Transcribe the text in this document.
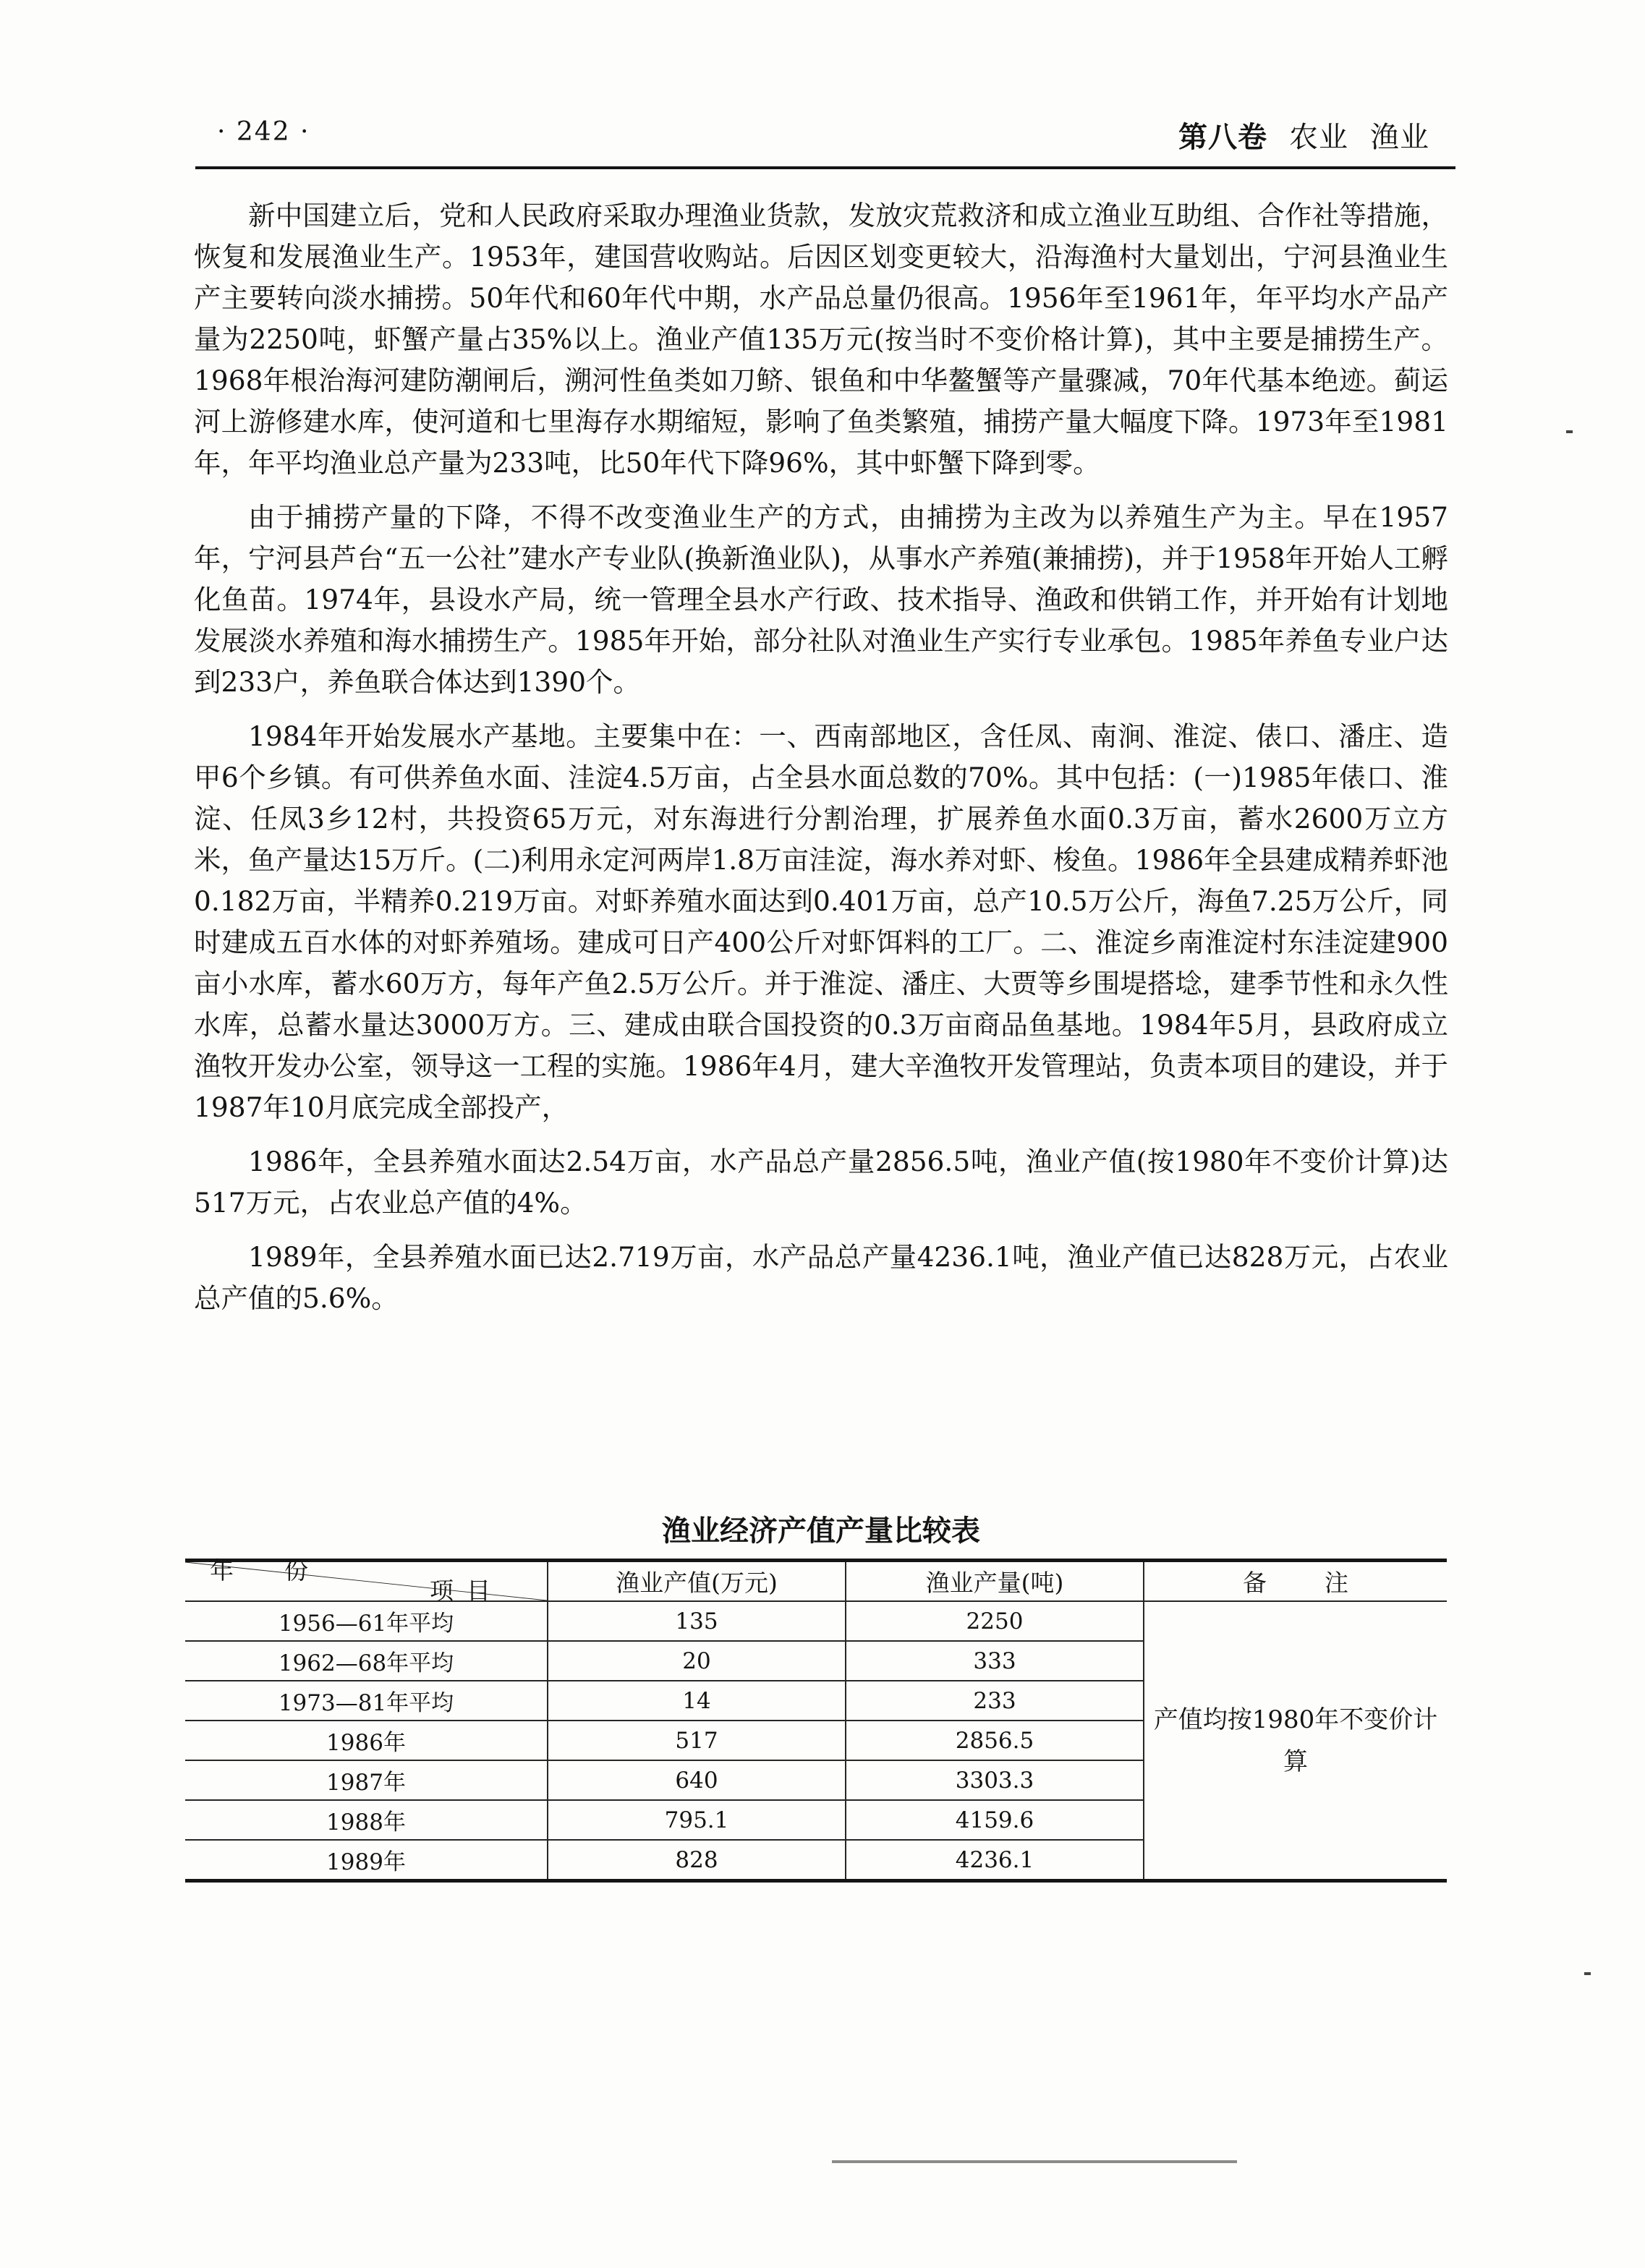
· 242 ·	第八卷 农业 渔业

新中国建立后，党和人民政府采取办理渔业货款，发放灾荒救济和成立渔业互助组、合作社等措施，恢复和发展渔业生产。1953年，建国营收购站。后因区划变更较大，沿海渔村大量划出，宁河县渔业生产主要转向淡水捕捞。50年代和60年代中期，水产品总量仍很高。1956年至1961年，年平均水产品产量为2250吨，虾蟹产量占35%以上。渔业产值135万元(按当时不变价格计算)，其中主要是捕捞生产。1968年根治海河建防潮闸后，溯河性鱼类如刀鲚、银鱼和中华鳌蟹等产量骤减，70年代基本绝迹。蓟运河上游修建水库，使河道和七里海存水期缩短，影响了鱼类繁殖，捕捞产量大幅度下降。1973年至1981年，年平均渔业总产量为233吨，比50年代下降96%，其中虾蟹下降到零。

由于捕捞产量的下降，不得不改变渔业生产的方式，由捕捞为主改为以养殖生产为主。早在1957年，宁河县芦台“五一公社”建水产专业队(换新渔业队)，从事水产养殖(兼捕捞)，并于1958年开始人工孵化鱼苗。1974年，县设水产局，统一管理全县水产行政、技术指导、渔政和供销工作，并开始有计划地发展淡水养殖和海水捕捞生产。1985年开始，部分社队对渔业生产实行专业承包。1985年养鱼专业户达到233户，养鱼联合体达到1390个。

1984年开始发展水产基地。主要集中在：一、西南部地区，含任凤、南涧、淮淀、俵口、潘庄、造甲6个乡镇。有可供养鱼水面、洼淀4.5万亩，占全县水面总数的70%。其中包括：(一)1985年俵口、淮淀、任凤3乡12村，共投资65万元，对东海进行分割治理，扩展养鱼水面0.3万亩，蓄水2600万立方米，鱼产量达15万斤。(二)利用永定河两岸1.8万亩洼淀，海水养对虾、梭鱼。1986年全县建成精养虾池0.182万亩，半精养0.219万亩。对虾养殖水面达到0.401万亩，总产10.5万公斤，海鱼7.25万公斤，同时建成五百水体的对虾养殖场。建成可日产400公斤对虾饵料的工厂。二、淮淀乡南淮淀村东洼淀建900亩小水库，蓄水60万方，每年产鱼2.5万公斤。并于淮淀、潘庄、大贾等乡围堤搭埝，建季节性和永久性水库，总蓄水量达3000万方。三、建成由联合国投资的0.3万亩商品鱼基地。1984年5月，县政府成立渔牧开发办公室，领导这一工程的实施。1986年4月，建大辛渔牧开发管理站，负责本项目的建设，并于1987年10月底完成全部投产，

1986年，全县养殖水面达2.54万亩，水产品总产量2856.5吨，渔业产值(按1980年不变价计算)达517万元，占农业总产值的4%。

1989年，全县养殖水面已达2.719万亩，水产品总产量4236.1吨，渔业产值已达828万元，占农业总产值的5.6%。

渔业经济产值产量比较表
项目
年份	渔业产值(万元)	渔业产量(吨)	备注
1956—61年平均	135	2250	产值均按1980年不变价计算
1962—68年平均	20	333	
1973—81年平均	14	233	
1986年	517	2856.5	
1987年	640	3303.3	
1988年	795.1	4159.6	
1989年	828	4236.1	
